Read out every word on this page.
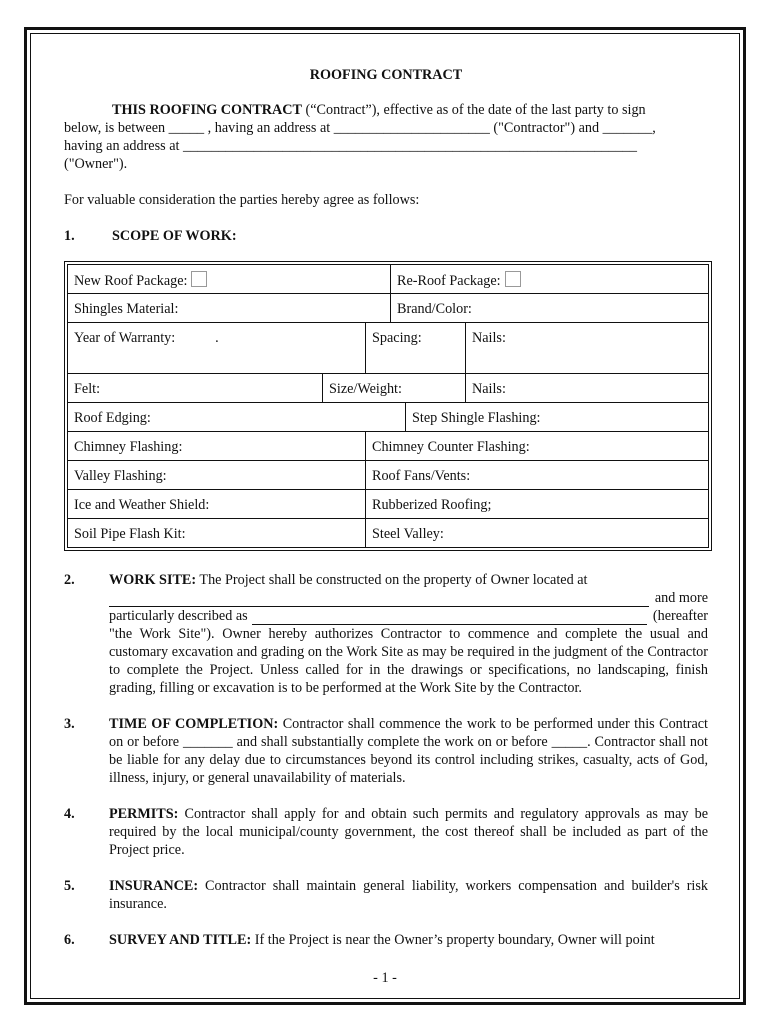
ROOFING CONTRACT
THIS ROOFING CONTRACT (“Contract”), effective as of the date of the last party to sign
below, is between _____ , having an address at ______________________ ("Contractor") and _______,
having an address at ________________________________________________________________
("Owner").

For valuable consideration the parties hereby agree as follows:

1.	SCOPE OF WORK:
New Roof Package:	Re-Roof Package:
Shingles Material:	Brand/Color:
Year of Warranty:	.	Spacing:	Nails:
Felt:	Size/Weight:	Nails:
Roof Edging:	Step Shingle Flashing:
Chimney Flashing:	Chimney Counter Flashing:
Valley Flashing:	Roof Fans/Vents:
Ice and Weather Shield:	Rubberized Roofing;
Soil Pipe Flash Kit:	Steel Valley:
2.	WORK SITE: The Project shall be constructed on the property of Owner located at
and more
particularly described as	(hereafter
"the Work Site"). Owner hereby authorizes Contractor to commence and complete the usual and customary excavation and grading on the Work Site as may be required in the judgment of the Contractor to complete the Project. Unless called for in the drawings or specifications, no landscaping, finish grading, filling or excavation is to be performed at the Work Site by the Contractor.
3.	TIME OF COMPLETION: Contractor shall commence the work to be performed under this Contract on or before _______ and shall substantially complete the work on or before _____. Contractor shall not be liable for any delay due to circumstances beyond its control including strikes, casualty, acts of God, illness, injury, or general unavailability of materials.
4.	PERMITS: Contractor shall apply for and obtain such permits and regulatory approvals as may be required by the local municipal/county government, the cost thereof shall be included as part of the Project price.
5.	INSURANCE: Contractor shall maintain general liability, workers compensation and builder's risk insurance.
6.	SURVEY AND TITLE: If the Project is near the Owner’s property boundary, Owner will point
- 1 -
